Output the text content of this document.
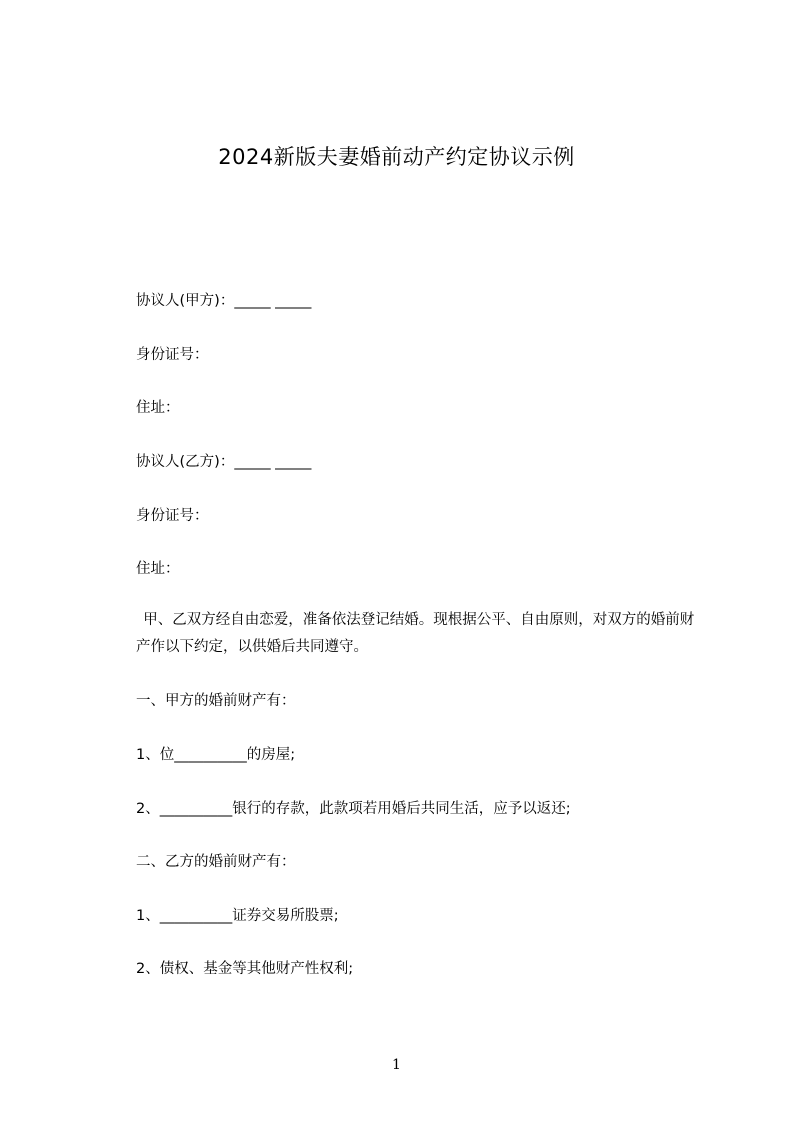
2024新版夫妻婚前动产约定协议示例
协议人(甲方)：_____ _____
身份证号：
住址：
协议人(乙方)：_____ _____
身份证号：
住址：
甲、乙双方经自由恋爱，准备依法登记结婚。现根据公平、自由原则，对双方的婚前财产作以下约定，以供婚后共同遵守。
一、甲方的婚前财产有：
1、位__________的房屋;
2、__________银行的存款，此款项若用婚后共同生活，应予以返还;
二、乙方的婚前财产有：
1、__________证券交易所股票;
2、债权、基金等其他财产性权利;
1
